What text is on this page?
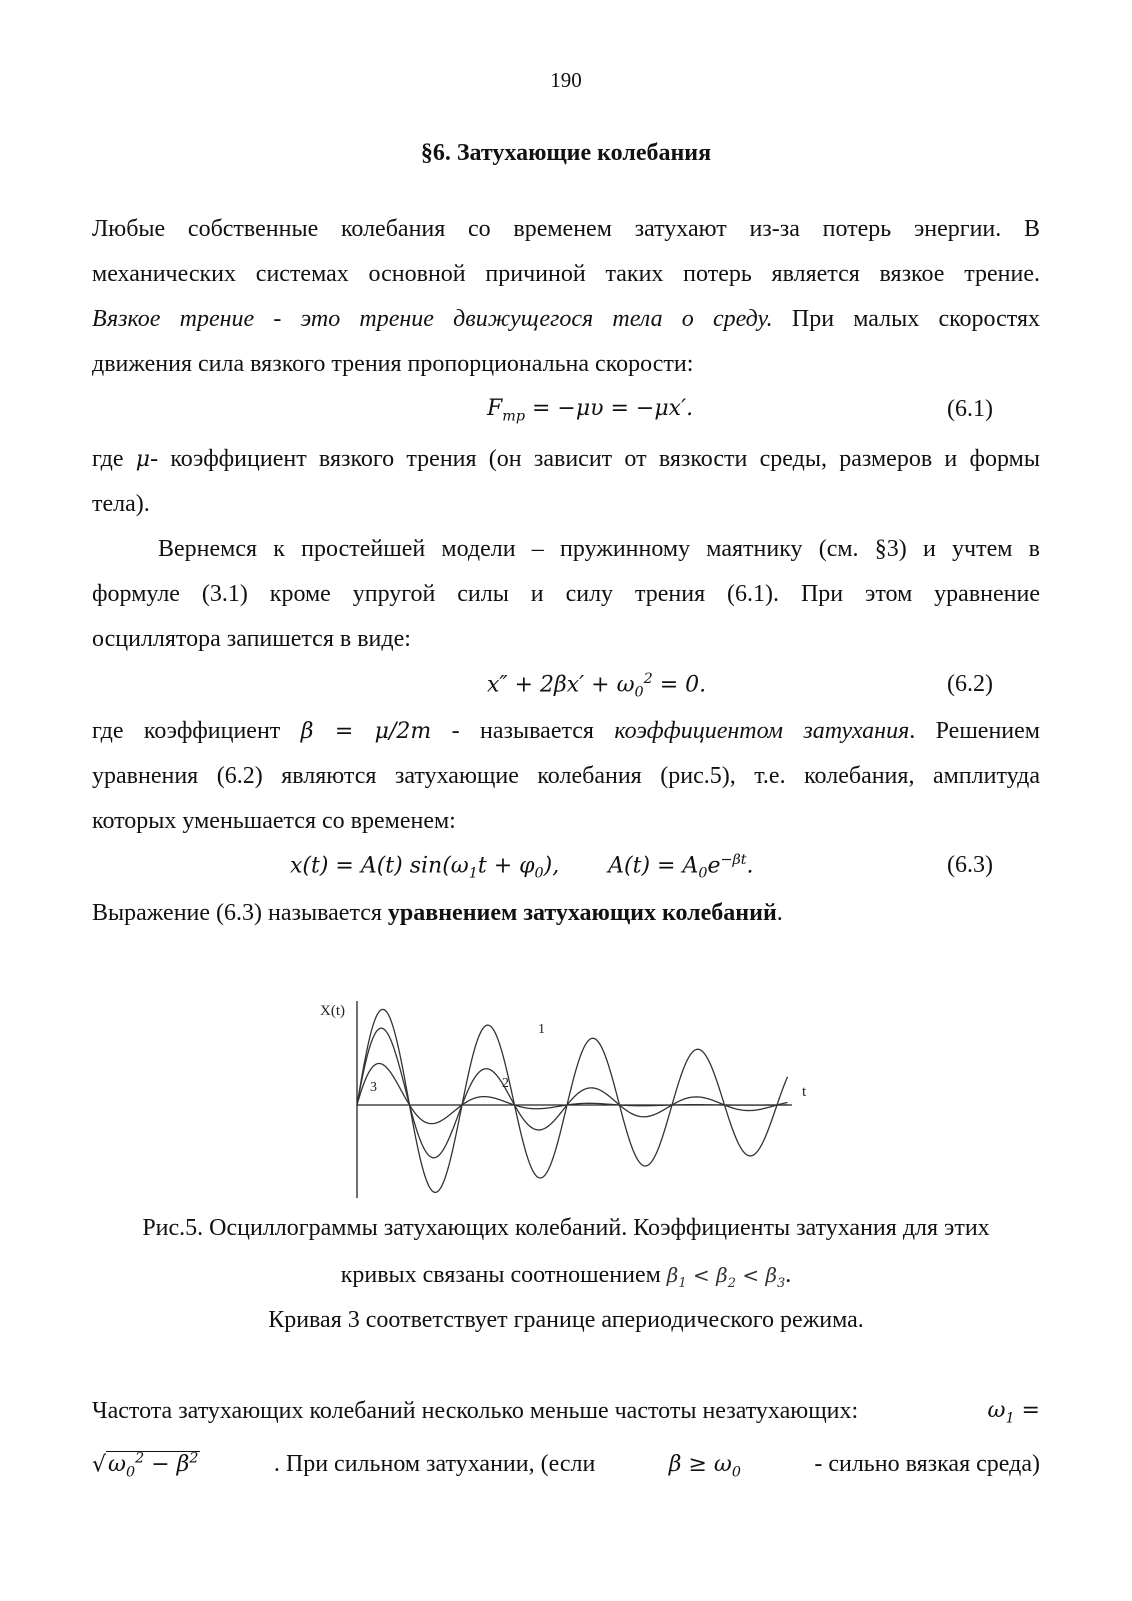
190
§6. Затухающие колебания
Любые собственные колебания со временем затухают из-за потерь энергии. В
механических системах основной причиной таких потерь является вязкое трение.
Вязкое трение - это трение движущегося тела о среду. При малых скоростях
движения сила вязкого трения пропорциональна скорости:
$F_{тр} = -\mu\upsilon = -\mu x'$.	(6.1)
где μ- коэффициент вязкого трения (он зависит от вязкости среды, размеров и формы
тела).
Вернемся к простейшей модели – пружинному маятнику (см. §3) и учтем в
формуле (3.1) кроме упругой силы и силу трения (6.1). При этом уравнение
осциллятора запишется в виде:
$x'' + 2\beta x' + \omega_0^2 = 0$.	(6.2)
где коэффициент β = μ/2m - называется коэффициентом затухания. Решением
уравнения (6.2) являются затухающие колебания (рис.5), т.е. колебания, амплитуда
которых уменьшается со временем:
x(t) = A(t) $\sin(\omega_1t + \varphi_0)$,       $A(t) = A_0e^{-\beta t}$.	(6.3)
Выражение (6.3) называется уравнением затухающих колебаний.
X(t)
t
1
2
3
Рис.5. Осциллограммы затухающих колебаний. Коэффициенты затухания для этих
кривых связаны соотношением $\beta_1 < \beta_2 < \beta_3$.
Кривая 3 соответствует границе апериодического режима.
Частота затухающих колебаний несколько меньше частоты незатухающих:	$\omega_1$ =
$√\omega_0^2 - \beta^2$	. При сильном затухании, (если	$\beta \ge \omega_0$	- сильно вязкая среда)
